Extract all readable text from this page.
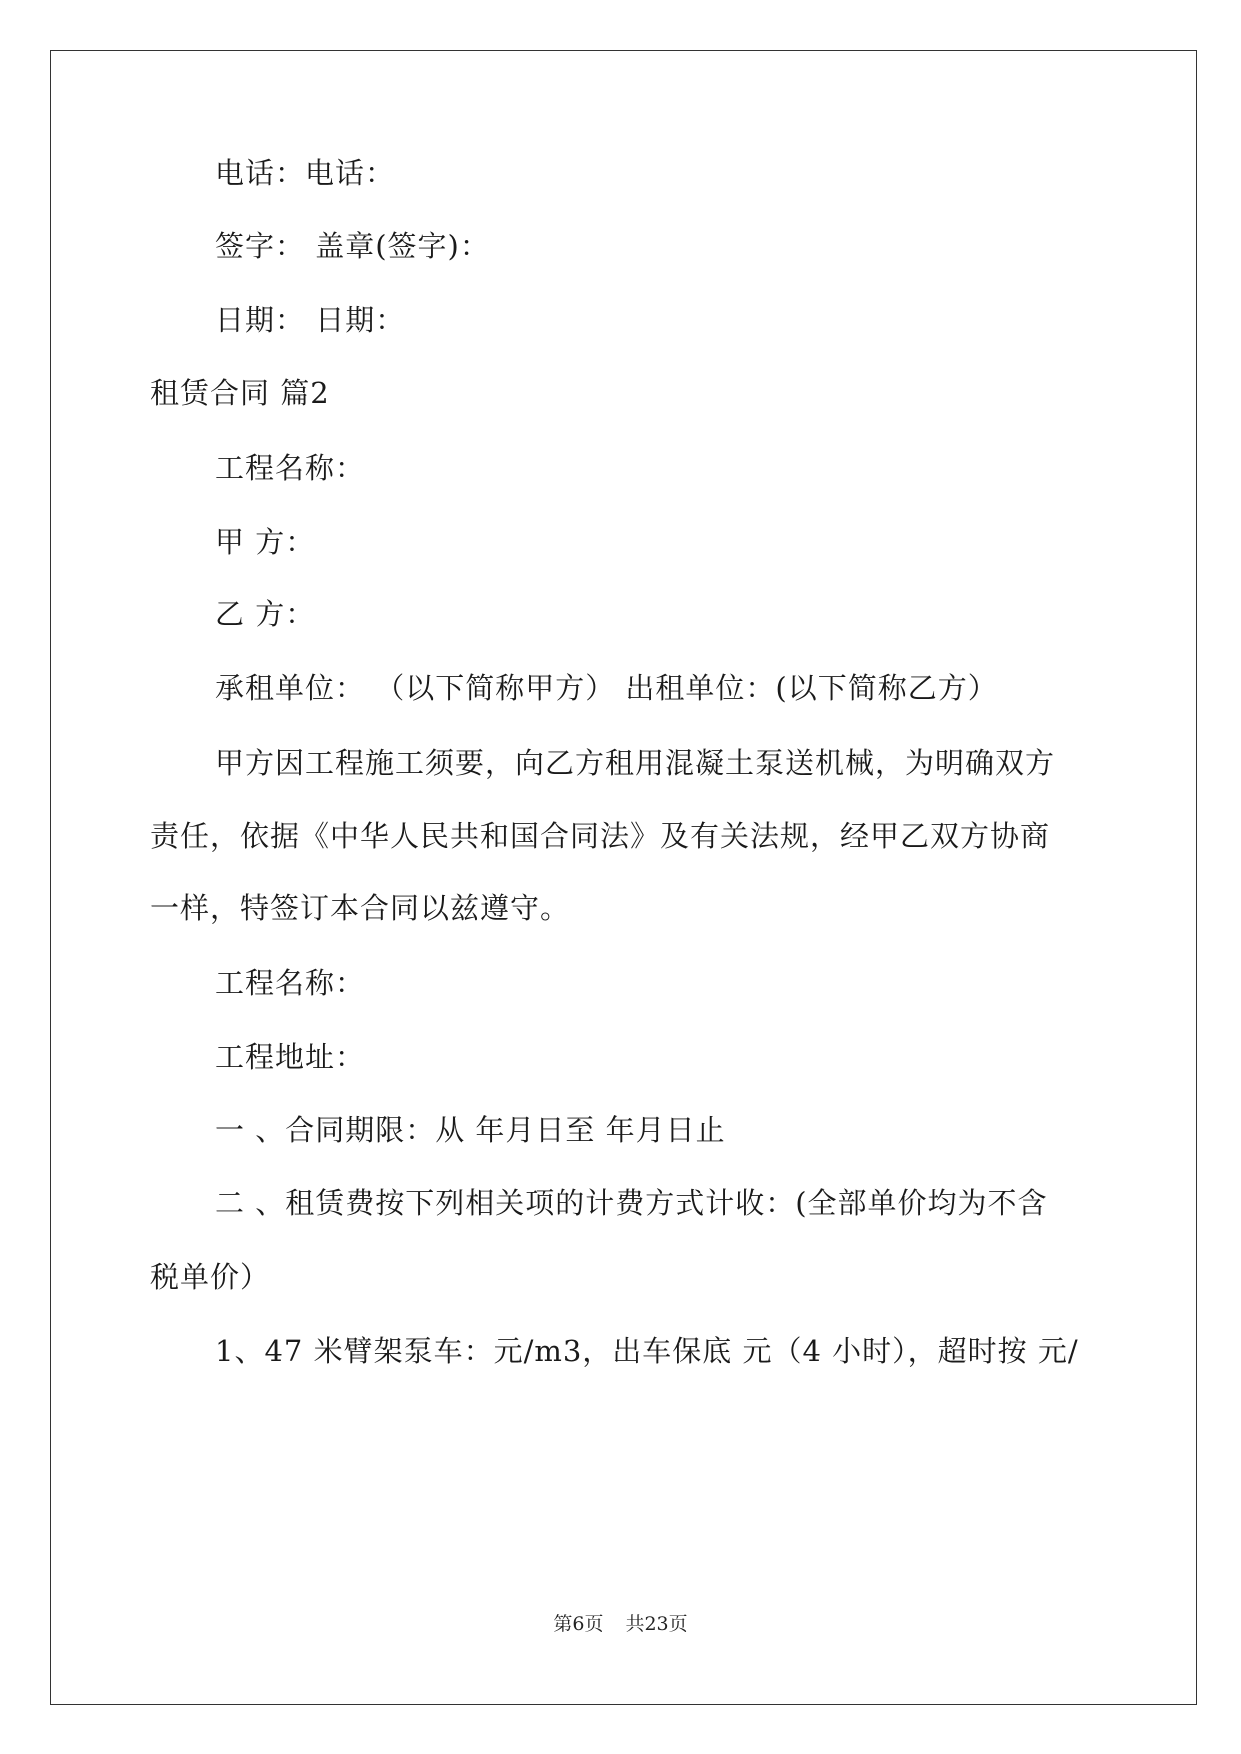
电话：电话：
签字： 盖章(签字)：
日期： 日期：
租赁合同 篇2
工程名称：
甲 方：
乙 方：
承租单位： （以下简称甲方） 出租单位：(以下简称乙方）
甲方因工程施工须要，向乙方租用混凝土泵送机械，为明确双方
责任，依据《中华人民共和国合同法》及有关法规，经甲乙双方协商
一样，特签订本合同以兹遵守。
工程名称：
工程地址：
一 、合同期限：从 年月日至 年月日止
二 、租赁费按下列相关项的计费方式计收：(全部单价均为不含
税单价）
1、47 米臂架泵车：元/m3，出车保底 元（4 小时），超时按 元/
第6页 共23页
